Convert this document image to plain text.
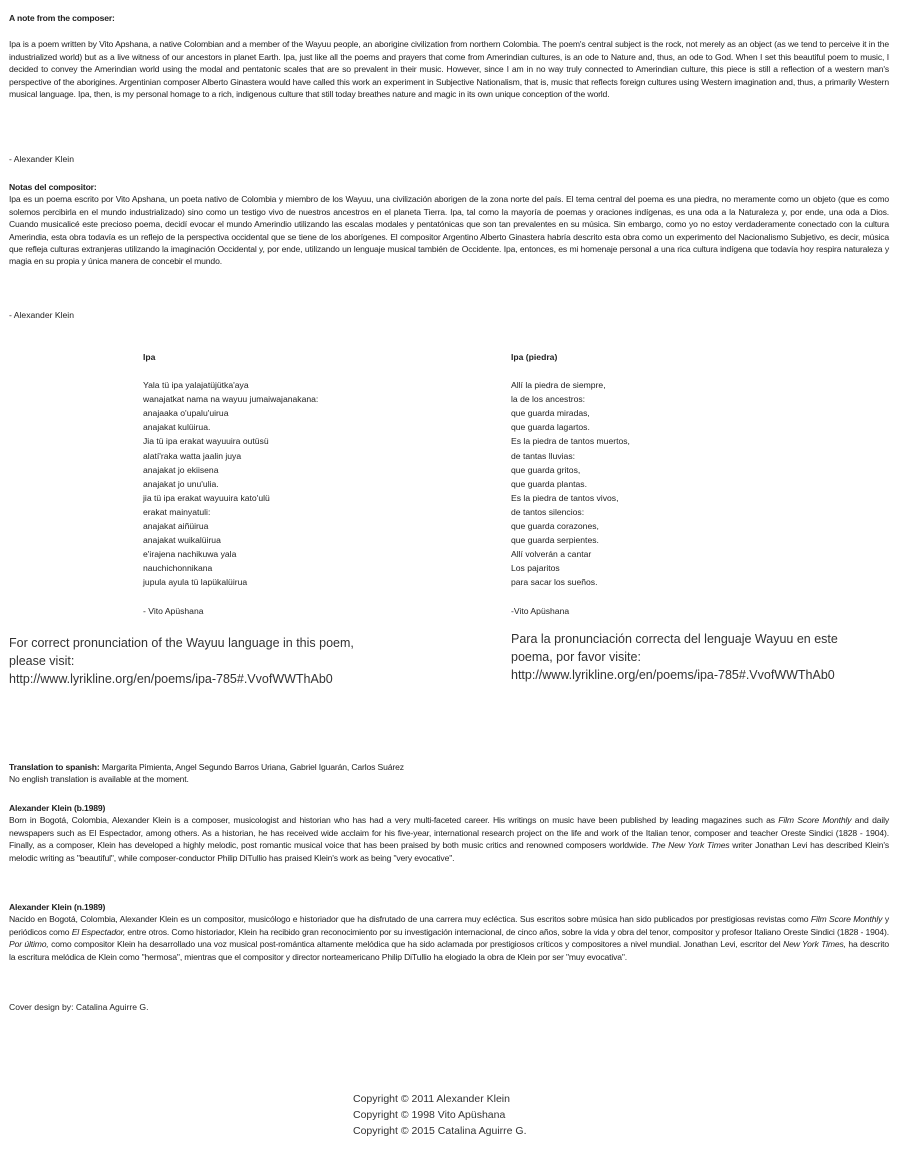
A note from the composer:

Ipa is a poem written by Vito Apshana, a native Colombian and a member of the Wayuu people, an aborigine civilization from northern Colombia. The poem's central subject is the rock, not merely as an object (as we tend to perceive it in the industrialized world) but as a live witness of our ancestors in planet Earth. Ipa, just like all the poems and prayers that come from Amerindian cultures, is an ode to Nature and, thus, an ode to God. When I set this beautiful poem to music, I decided to convey the Amerindian world using the modal and pentatonic scales that are so prevalent in their music. However, since I am in no way truly connected to Amerindian culture, this piece is still a reflection of a western man's perspective of the aborigines. Argentinian composer Alberto Ginastera would have called this work an experiment in Subjective Nationalism, that is, music that reflects foreign cultures using Western imagination and, thus, a primarily Western musical language. Ipa, then, is my personal homage to a rich, indigenous culture that still today breathes nature and magic in its own unique conception of the world.

- Alexander Klein
Notas del compositor:

Ipa es un poema escrito por Vito Apshana, un poeta nativo de Colombia y miembro de los Wayuu, una civilización aborigen de la zona norte del país. El tema central del poema es una piedra, no meramente como un objeto (que es como solemos percibirla en el mundo industrializado) sino como un testigo vivo de nuestros ancestros en el planeta Tierra. Ipa, tal como la mayoría de poemas y oraciones indígenas, es una oda a la Naturaleza y, por ende, una oda a Dios. Cuando musicalicé este precioso poema, decidí evocar el mundo Amerindio utilizando las escalas modales y pentatónicas que son tan prevalentes en su música. Sin embargo, como yo no estoy verdaderamente conectado con la cultura Amerindia, esta obra todavía es un reflejo de la perspectiva occidental que se tiene de los aborígenes. El compositor Argentino Alberto Ginastera habría descrito esta obra como un experimento del Nacionalismo Subjetivo, es decir, música que refleja culturas extranjeras utilizando la imaginación Occidental y, por ende, utilizando un lenguaje musical también de Occidente. Ipa, entonces, es mi homenaje personal a una rica cultura indígena que todavía hoy respira naturaleza y magia en su propia y única manera de concebir el mundo.

- Alexander Klein
Ipa
Yala tü ipa yalajatüjütka'aya
wanajatkat nama na wayuu jumaiwajanakana:
anajaaka o'upalu'uirua
anajakat kulüirua.
Jia tü ipa erakat wayuuira outüsü
alatí'raka watta jaalin juya
anajakat jo ekiisena
anajakat jo unu'ulia.
jia tü ipa erakat wayuuira kato'ulü
erakat mainyatuli:
anajakat aiñüirua
anajakat wuikalüirua
e'irajena nachikuwa yala
nauchichonnikana
jupula ayula tü lapükalüirua
- Vito Apüshana
Ipa (piedra)
Allí la piedra de siempre,
la de los ancestros:
que guarda miradas,
que guarda lagartos.
Es la piedra de tantos muertos,
de tantas lluvias:
que guarda gritos,
que guarda plantas.
Es la piedra de tantos vivos,
de tantos silencios:
que guarda corazones,
que guarda serpientes.
Allí volverán a cantar
Los pajaritos
para sacar los sueños.
-Vito Apüshana
For correct pronunciation of the Wayuu language in this poem,
please visit:
http://www.lyrikline.org/en/poems/ipa-785#.VvofWWThAb0
Para la pronunciación correcta del lenguaje Wayuu en este
poema, por favor visite:
http://www.lyrikline.org/en/poems/ipa-785#.VvofWWThAb0
Translation to spanish: Margarita Pimienta, Angel Segundo Barros Uriana, Gabriel Iguarán, Carlos Suárez
No english translation is available at the moment.
Alexander Klein (b.1989)

Born in Bogotá, Colombia, Alexander Klein is a composer, musicologist and historian who has had a very multi-faceted career. His writings on music have been published by leading magazines such as Film Score Monthly and daily newspapers such as El Espectador, among others. As a historian, he has received wide acclaim for his five-year, international research project on the life and work of the Italian tenor, composer and teacher Oreste Sindici (1828 - 1904). Finally, as a composer, Klein has developed a highly melodic, post romantic musical voice that has been praised by both music critics and renowned composers worldwide. The New York Times writer Jonathan Levi has described Klein's melodic writing as "beautiful", while composer-conductor Philip DiTullio has praised Klein's work as being "very evocative".

Alexander Klein (n.1989)

Nacido en Bogotá, Colombia, Alexander Klein es un compositor, musicólogo e historiador que ha disfrutado de una carrera muy ecléctica. Sus escritos sobre música han sido publicados por prestigiosas revistas como Film Score Monthly y periódicos como El Espectador, entre otros. Como historiador, Klein ha recibido gran reconocimiento por su investigación internacional, de cinco años, sobre la vida y obra del tenor, compositor y profesor Italiano Oreste Sindici (1828 - 1904). Por último, como compositor Klein ha desarrollado una voz musical post-romántica altamente melódica que ha sido aclamada por prestigiosos críticos y compositores a nivel mundial. Jonathan Levi, escritor del New York Times, ha descrito la escritura melódica de Klein como "hermosa", mientras que el compositor y director norteamericano Philip DiTullio ha elogiado la obra de Klein por ser "muy evocativa".

Cover design by: Catalina Aguirre G.
Copyright © 2011 Alexander Klein
Copyright © 1998 Vito Apüshana
Copyright © 2015 Catalina Aguirre G.
